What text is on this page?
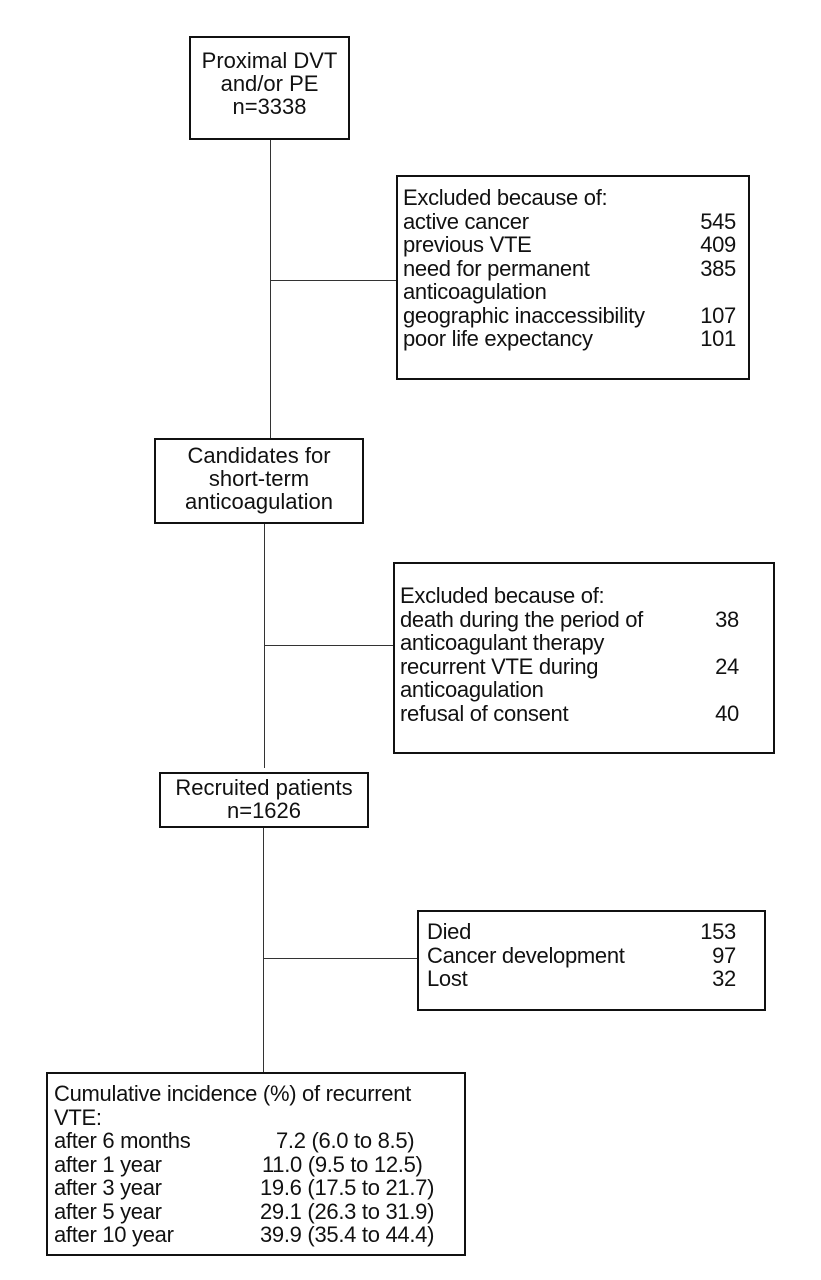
Proximal DVT
and/or PE
n=3338
Excluded because of:
active cancer	545
previous VTE	409
need for permanent	385
anticoagulation
geographic inaccessibility	107
poor life expectancy	101
Candidates for
short-term
anticoagulation
Excluded because of:
death during the period of	38
anticoagulant therapy
recurrent VTE during	24
anticoagulation
refusal of consent	40
Recruited patients
n=1626
Died	153
Cancer development	97
Lost	32
Cumulative incidence (%) of recurrent
VTE:
after 6 months	7.2 (6.0 to 8.5)
after 1 year	11.0 (9.5 to 12.5)
after 3 year	19.6 (17.5 to 21.7)
after 5 year	29.1 (26.3 to 31.9)
after 10 year	39.9 (35.4 to 44.4)
